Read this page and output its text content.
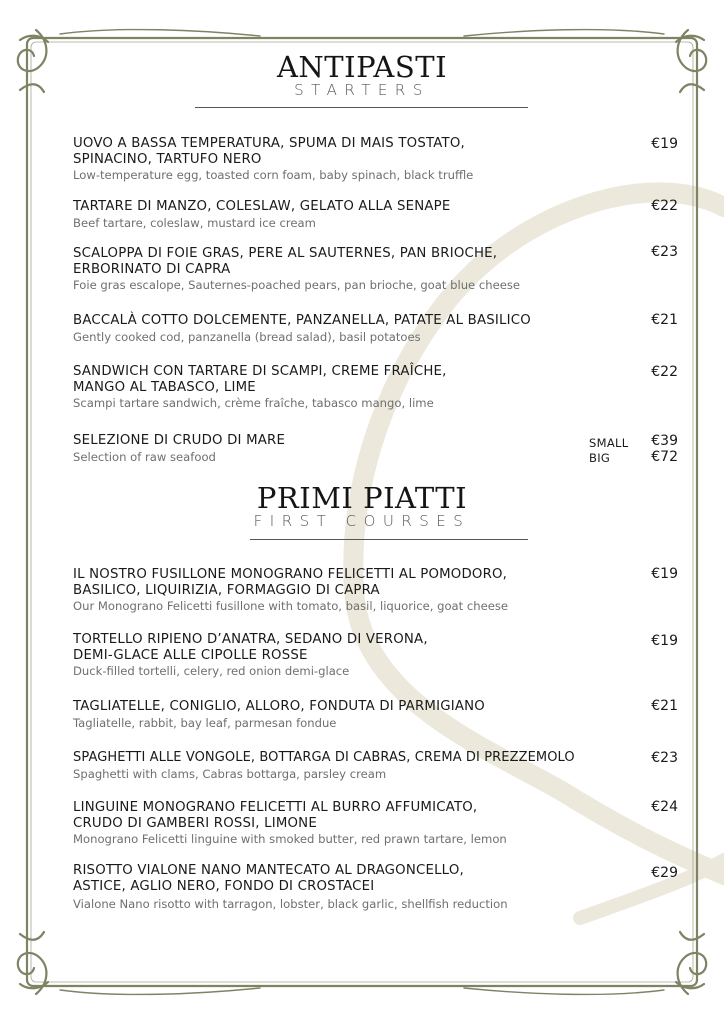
ANTIPASTI
STARTERS
UOVO A BASSA TEMPERATURA, SPUMA DI MAIS TOSTATO,
SPINACINO, TARTUFO NERO
Low-temperature egg, toasted corn foam, baby spinach, black truffle
€19
TARTARE DI MANZO, COLESLAW, GELATO ALLA SENAPE
Beef tartare, coleslaw, mustard ice cream
€22
SCALOPPA DI FOIE GRAS, PERE AL SAUTERNES, PAN BRIOCHE,
ERBORINATO DI CAPRA
Foie gras escalope, Sauternes-poached pears, pan brioche, goat blue cheese
€23
BACCALÀ COTTO DOLCEMENTE, PANZANELLA, PATATE AL BASILICO
Gently cooked cod, panzanella (bread salad), basil potatoes
€21
SANDWICH CON TARTARE DI SCAMPI, CREME FRAÎCHE,
MANGO AL TABASCO, LIME
Scampi tartare sandwich, crème fraîche, tabasco mango, lime
€22
SELEZIONE DI CRUDO DI MARE
Selection of raw seafood
SMALL	€39
BIG	€72
PRIMI PIATTI
FIRST COURSES
IL NOSTRO FUSILLONE MONOGRANO FELICETTI AL POMODORO,
BASILICO, LIQUIRIZIA, FORMAGGIO DI CAPRA
Our Monograno Felicetti fusillone with tomato, basil, liquorice, goat cheese
€19
TORTELLO RIPIENO D’ANATRA, SEDANO DI VERONA,
DEMI-GLACE ALLE CIPOLLE ROSSE
Duck-filled tortelli, celery, red onion demi-glace
€19
TAGLIATELLE, CONIGLIO, ALLORO, FONDUTA DI PARMIGIANO
Tagliatelle, rabbit, bay leaf, parmesan fondue
€21
SPAGHETTI ALLE VONGOLE, BOTTARGA DI CABRAS, CREMA DI PREZZEMOLO
Spaghetti with clams, Cabras bottarga, parsley cream
€23
LINGUINE MONOGRANO FELICETTI AL BURRO AFFUMICATO,
CRUDO DI GAMBERI ROSSI, LIMONE
Monograno Felicetti linguine with smoked butter, red prawn tartare, lemon
€24
RISOTTO VIALONE NANO MANTECATO AL DRAGONCELLO,
ASTICE, AGLIO NERO, FONDO DI CROSTACEI
Vialone Nano risotto with tarragon, lobster, black garlic, shellfish reduction
€29
